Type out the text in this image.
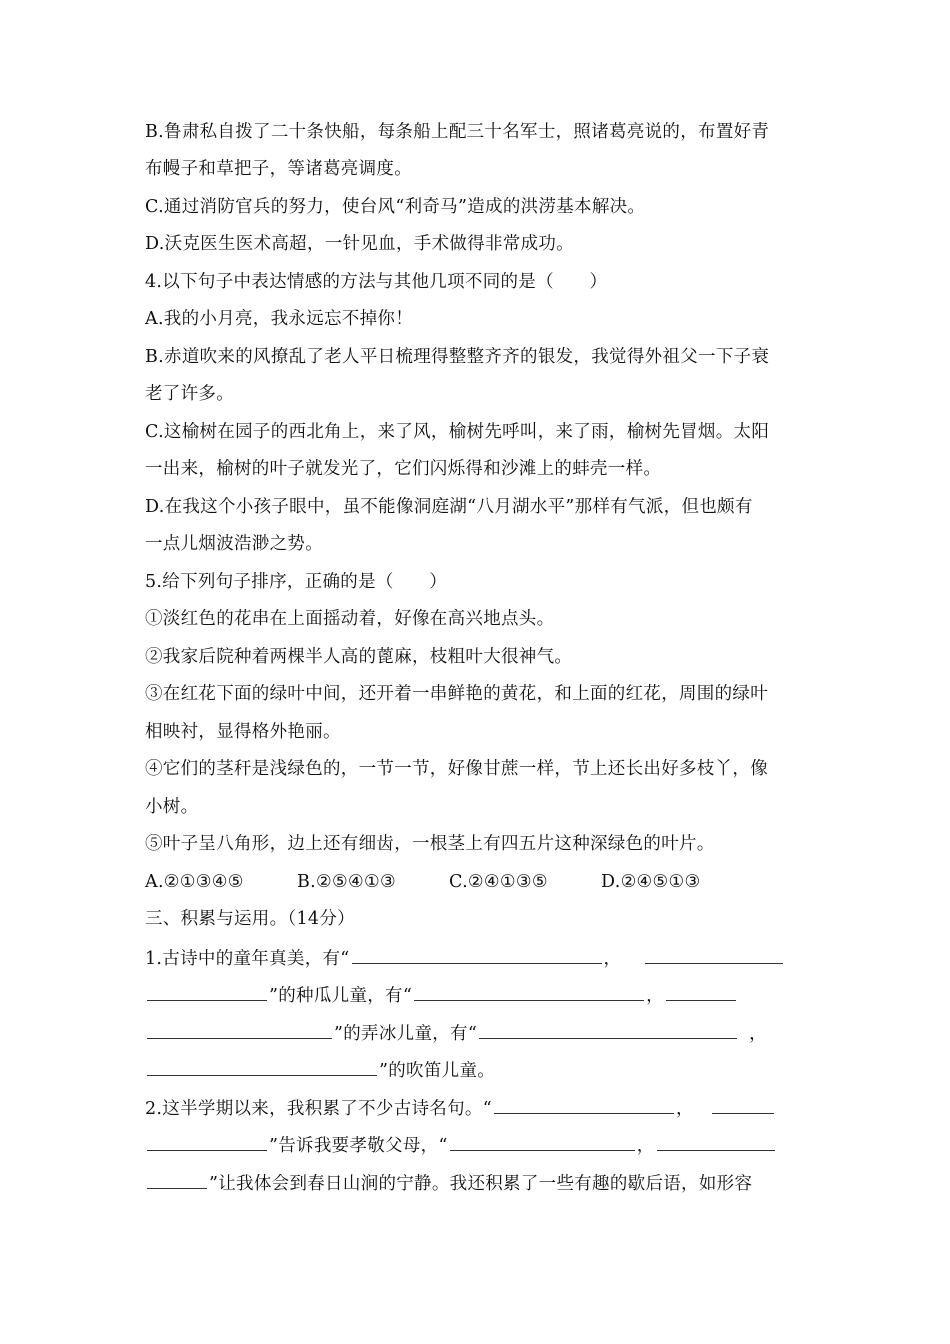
B.鲁肃私自拨了二十条快船，每条船上配三十名军士，照诸葛亮说的，布置好青
布幔子和草把子，等诸葛亮调度。
C.通过消防官兵的努力，使台风“利奇马”造成的洪涝基本解决。
D.沃克医生医术高超，一针见血，手术做得非常成功。
4.以下句子中表达情感的方法与其他几项不同的是（　　）
A.我的小月亮，我永远忘不掉你！
B.赤道吹来的风撩乱了老人平日梳理得整整齐齐的银发，我觉得外祖父一下子衰
老了许多。
C.这榆树在园子的西北角上，来了风，榆树先呼叫，来了雨，榆树先冒烟。太阳
一出来，榆树的叶子就发光了，它们闪烁得和沙滩上的蚌壳一样。
D.在我这个小孩子眼中，虽不能像洞庭湖“八月湖水平”那样有气派，但也颇有
一点儿烟波浩渺之势。
5.给下列句子排序，正确的是（　　）
①淡红色的花串在上面摇动着，好像在高兴地点头。
②我家后院种着两棵半人高的蓖麻，枝粗叶大很神气。
③在红花下面的绿叶中间，还开着一串鲜艳的黄花，和上面的红花，周围的绿叶
相映衬，显得格外艳丽。
④它们的茎秆是浅绿色的，一节一节，好像甘蔗一样，节上还长出好多枝丫，像
小树。
⑤叶子呈八角形，边上还有细齿，一根茎上有四五片这种深绿色的叶片。
A.②①③④⑤	B.②⑤④①③	C.②④①③⑤	D.②④⑤①③
三、积累与运用。（14分）
1.古诗中的童年真美，有“	，
”的种瓜儿童，有“	，
”的弄冰儿童，有“	，
”的吹笛儿童。
2.这半学期以来，我积累了不少古诗名句。“	，
”告诉我要孝敬父母，“	，
”让我体会到春日山涧的宁静。我还积累了一些有趣的歇后语，如形容
